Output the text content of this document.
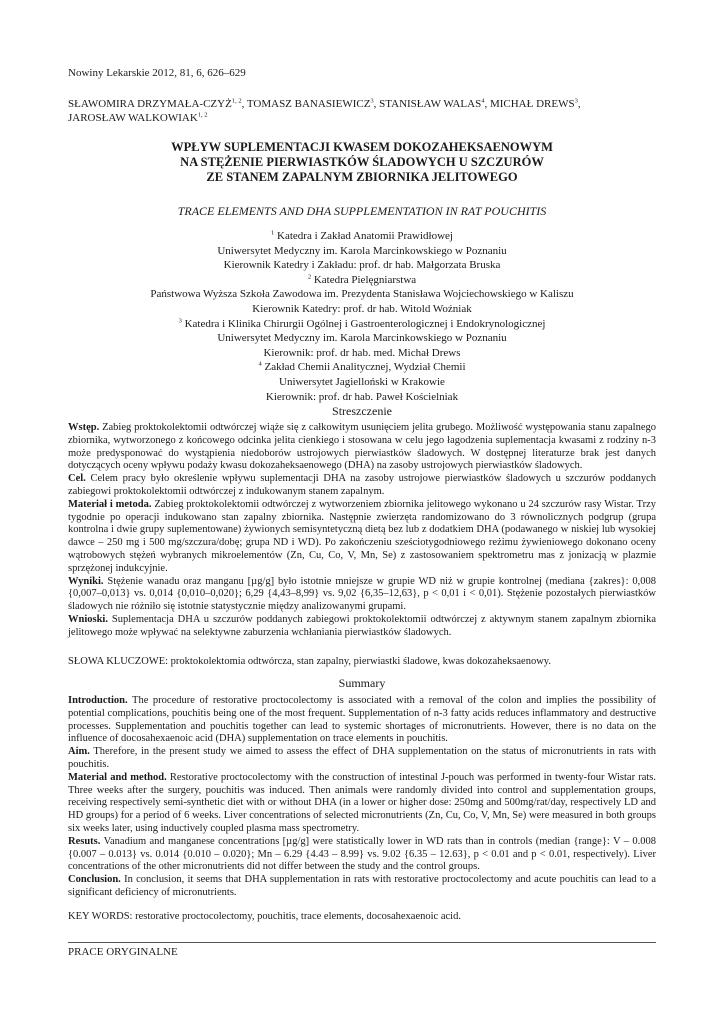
Nowiny Lekarskie 2012, 81, 6, 626–629
SŁAWOMIRA DRZYMAŁA-CZYŻ$^{1, 2}$, TOMASZ BANASIEWICZ$^3$, STANISŁAW WALAS$^4$, MICHAŁ DREWS$^3$,
JAROSŁAW WALKOWIAK$^{1, 2}$
WPŁYW SUPLEMENTACJI KWASEM DOKOZAHEKSAENOWYM
NA STĘŻENIE PIERWIASTKÓW ŚLADOWYCH U SZCZURÓW
ZE STANEM ZAPALNYM ZBIORNIKA JELITOWEGO
TRACE ELEMENTS AND DHA SUPPLEMENTATION IN RAT POUCHITIS
$^1$ Katedra i Zakład Anatomii Prawidłowej
Uniwersytet Medyczny im. Karola Marcinkowskiego w Poznaniu
Kierownik Katedry i Zakładu: prof. dr hab. Małgorzata Bruska
$^2$ Katedra Pielęgniarstwa
Państwowa Wyższa Szkoła Zawodowa im. Prezydenta Stanisława Wojciechowskiego w Kaliszu
Kierownik Katedry: prof. dr hab. Witold Woźniak
$^3$ Katedra i Klinika Chirurgii Ogólnej i Gastroenterologicznej i Endokrynologicznej
Uniwersytet Medyczny im. Karola Marcinkowskiego w Poznaniu
Kierownik: prof. dr hab. med. Michał Drews
$^4$ Zakład Chemii Analitycznej, Wydział Chemii
Uniwersytet Jagielloński w Krakowie
Kierownik: prof. dr hab. Paweł Kościelniak
Streszczenie

Wstęp. Zabieg proktokolektomii odtwórczej wiąże się z całkowitym usunięciem jelita grubego. Możliwość występowania stanu zapalnego zbiornika, wytworzonego z końcowego odcinka jelita cienkiego i stosowana w celu jego łagodzenia suplementacja kwasami z rodziny n-3 może predysponować do wystąpienia niedoborów ustrojowych pierwiastków śladowych. W dostępnej literaturze brak jest danych dotyczących oceny wpływu podaży kwasu dokozaheksaenowego (DHA) na zasoby ustrojowych pierwiastków śladowych.

Cel. Celem pracy było określenie wpływu suplementacji DHA na zasoby ustrojowe pierwiastków śladowych u szczurów poddanych zabiegowi proktokolektomii odtwórczej z indukowanym stanem zapalnym.

Materiał i metoda. Zabieg proktokolektomii odtwórczej z wytworzeniem zbiornika jelitowego wykonano u 24 szczurów rasy Wistar. Trzy tygodnie po operacji indukowano stan zapalny zbiornika. Następnie zwierzęta randomizowano do 3 równolicznych podgrup (grupa kontrolna i dwie grupy suplementowane) żywionych semisyntetyczną dietą bez lub z dodatkiem DHA (podawanego w niskiej lub wysokiej dawce – 250 mg i 500 mg/szczura/dobę; grupa ND i WD). Po zakończeniu sześciotygodniowego reżimu żywieniowego dokonano oceny wątrobowych stężeń wybranych mikroelementów (Zn, Cu, Co, V, Mn, Se) z zastosowaniem spektrometru mas z jonizacją w plazmie sprzężonej indukcyjnie.

Wyniki. Stężenie wanadu oraz manganu [µg/g] było istotnie mniejsze w grupie WD niż w grupie kontrolnej (mediana {zakres}: 0,008 {0,007–0,013} vs. 0,014 {0,010–0,020}; 6,29 {4,43–8,99} vs. 9,02 {6,35–12,63}, p < 0,01 i < 0,01). Stężenie pozostałych pierwiastków śladowych nie różniło się istotnie statystycznie między analizowanymi grupami.

Wnioski. Suplementacja DHA u szczurów poddanych zabiegowi proktokolektomii odtwórczej z aktywnym stanem zapalnym zbiornika jelitowego może wpływać na selektywne zaburzenia wchłaniania pierwiastków śladowych.

SŁOWA KLUCZOWE: proktokolektomia odtwórcza, stan zapalny, pierwiastki śladowe, kwas dokozaheksaenowy.
Summary

Introduction. The procedure of restorative proctocolectomy is associated with a removal of the colon and implies the possibility of potential complications, pouchitis being one of the most frequent. Supplementation of n-3 fatty acids reduces inflammatory and destructive processes. Supplementation and pouchitis together can lead to systemic shortages of micronutrients. However, there is no data on the influence of docosahexaenoic acid (DHA) supplementation on trace elements in pouchitis.

Aim. Therefore, in the present study we aimed to assess the effect of DHA supplementation on the status of micronutrients in rats with pouchitis.

Material and method. Restorative proctocolectomy with the construction of intestinal J-pouch was performed in twenty-four Wistar rats. Three weeks after the surgery, pouchitis was induced. Then animals were randomly divided into control and supplementation groups, receiving respectively semi-synthetic diet with or without DHA (in a lower or higher dose: 250mg and 500mg/rat/day, respectively LD and HD groups) for a period of 6 weeks. Liver concentrations of selected micronutrients (Zn, Cu, Co, V, Mn, Se) were measured in both groups six weeks later, using inductively coupled plasma mass spectrometry.

Resuts. Vanadium and manganese concentrations [µg/g] were statistically lower in WD rats than in controls (median {range}: V – 0.008 {0.007 – 0.013} vs. 0.014 {0.010 – 0.020}; Mn – 6.29 {4.43 – 8.99} vs. 9.02 {6.35 – 12.63}, p < 0.01 and p < 0.01, respectively). Liver concentrations of the other micronutrients did not differ between the study and the control groups.

Conclusion. In conclusion, it seems that DHA supplementation in rats with restorative proctocolectomy and acute pouchitis can lead to a significant deficiency of micronutrients.

KEY WORDS: restorative proctocolectomy, pouchitis, trace elements, docosahexaenoic acid.
PRACE ORYGINALNE
